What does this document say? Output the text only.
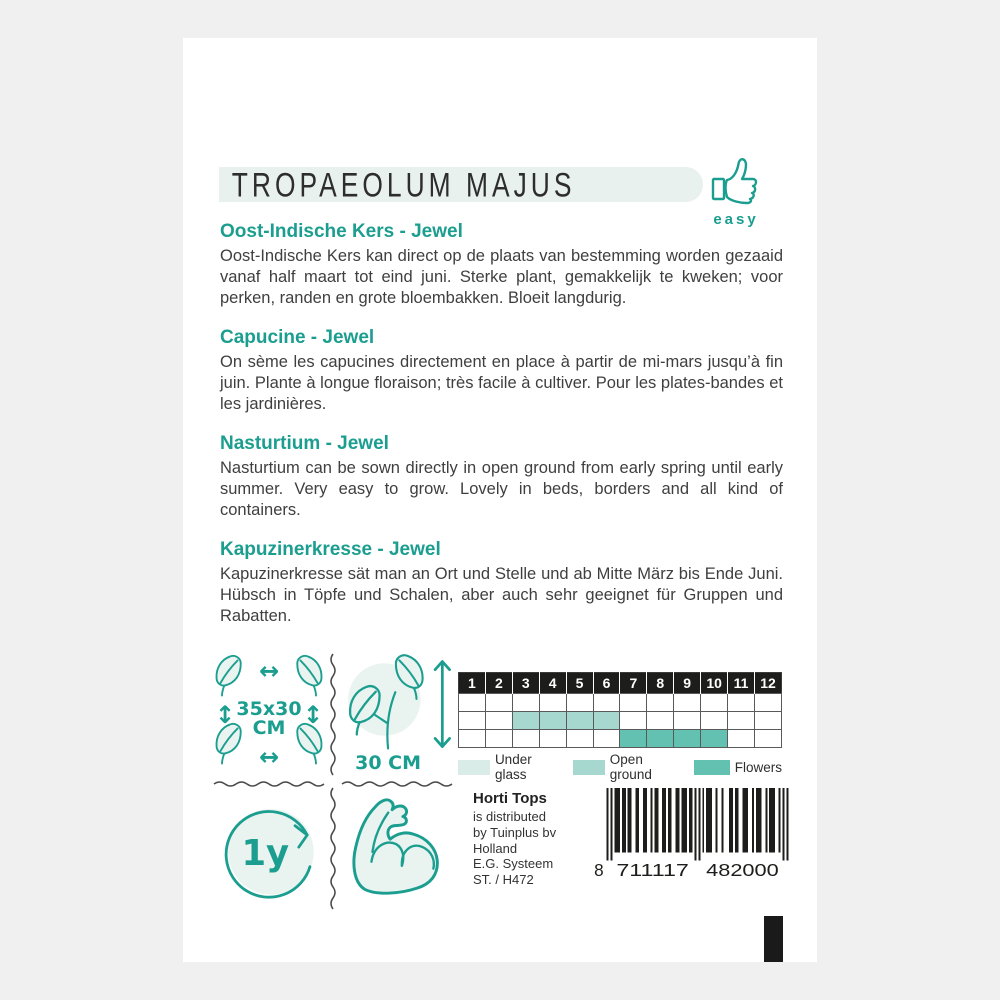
TROPAEOLUM MAJUS
easy
Oost-Indische Kers - Jewel

Oost-Indische Kers kan direct op de plaats van bestemming worden gezaaid vanaf half maart tot eind juni. Sterke plant, gemakkelijk te kweken; voor perken, randen en grote bloembakken. Bloeit langdurig.

Capucine - Jewel

On sème les capucines directement en place à partir de mi-mars jusqu’à fin juin. Plante à longue floraison; très facile à cultiver. Pour les plates-bandes et les jardinières.

Nasturtium - Jewel

Nasturtium can be sown directly in open ground from early spring until early summer. Very easy to grow. Lovely in beds, borders and all kind of containers.

Kapuzinerkresse - Jewel

Kapuzinerkresse sät man an Ort und Stelle und ab Mitte März bis Ende Juni. Hübsch in Töpfe und Schalen, aber auch sehr geeignet für Gruppen und Rabatten.

↔
↔
↕	↕
35x30
CM
30 CM
1y
1	2	3	4	5	6	7	8	9	10	11	12

Under glass
Open ground	Flowers
Horti Tops
is distributed
by Tuinplus bv
Holland
E.G. Systeem
ST. / H472	8 711117 482000
